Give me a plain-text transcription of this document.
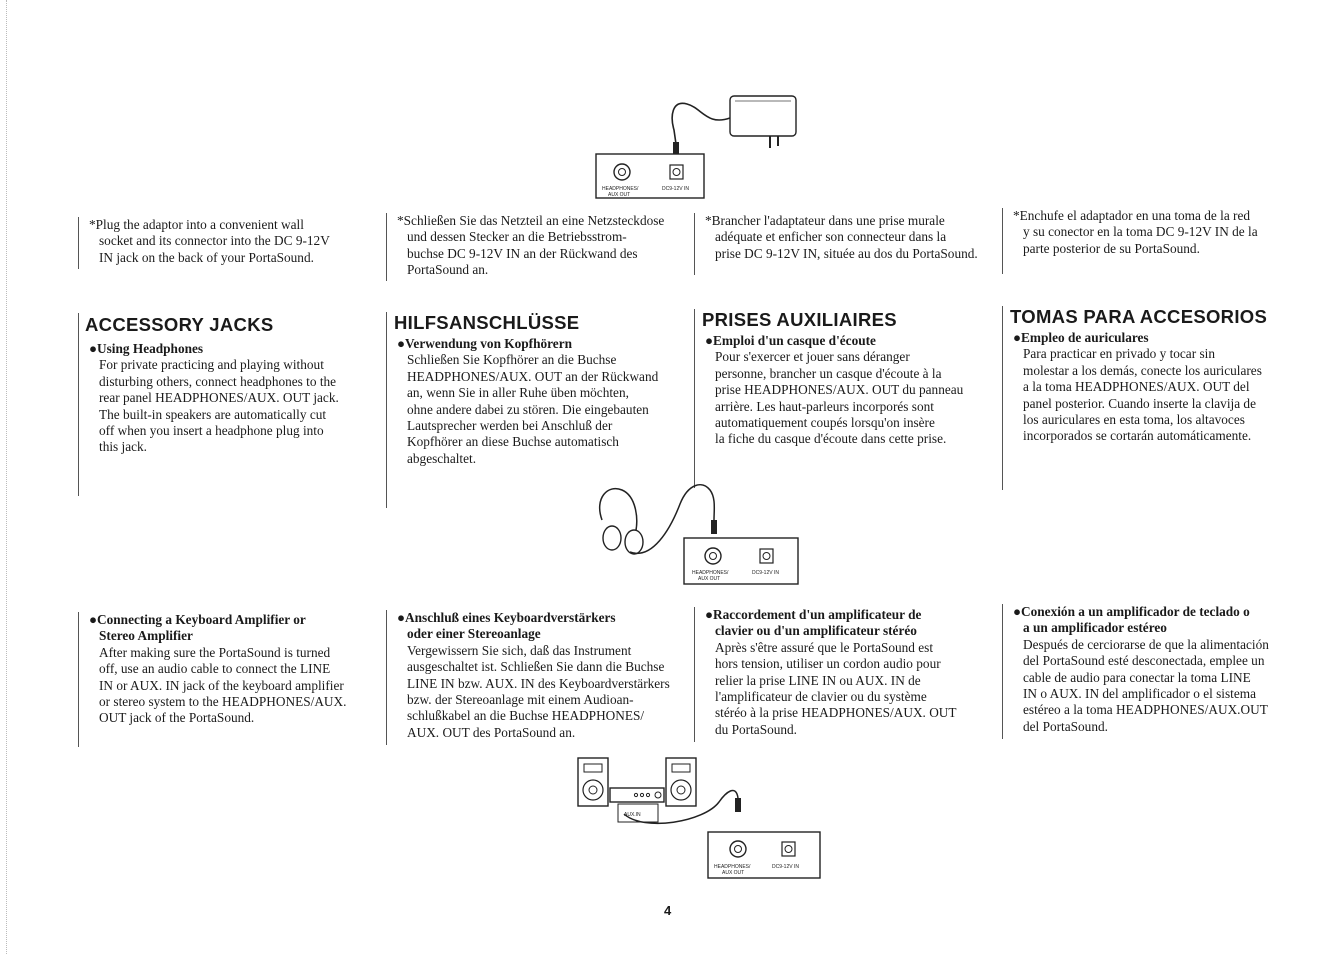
HEADPHONES/
AUX OUT
DC9-12V IN

*Plug the adaptor into a convenient wall

socket and its connector into the DC 9-12V

IN jack on the back of your PortaSound.

*Schließen Sie das Netzteil an eine Netzsteckdose

und dessen Stecker an die Betriebsstrom-

buchse DC 9-12V IN an der Rückwand des

PortaSound an.

*Brancher l'adaptateur dans une prise murale

adéquate et enficher son connecteur dans la

prise DC 9-12V IN, située au dos du PortaSound.

*Enchufe el adaptador en una toma de la red

y su conector en la toma DC 9-12V IN de la

parte posterior de su PortaSound.

ACCESSORY JACKS	HILFSANSCHLÜSSE	PRISES AUXILIAIRES	TOMAS PARA ACCESORIOS

●Using Headphones

For private practicing and playing without

disturbing others, connect headphones to the

rear panel HEADPHONES/AUX. OUT jack.

The built-in speakers are automatically cut

off when you insert a headphone plug into

this jack.

●Verwendung von Kopfhörern

Schließen Sie Kopfhörer an die Buchse

HEADPHONES/AUX. OUT an der Rückwand

an, wenn Sie in aller Ruhe üben möchten,

ohne andere dabei zu stören. Die eingebauten

Lautsprecher werden bei Anschluß der

Kopfhörer an diese Buchse automatisch

abgeschaltet.

●Emploi d'un casque d'écoute

Pour s'exercer et jouer sans déranger

personne, brancher un casque d'écoute à la

prise HEADPHONES/AUX. OUT du panneau

arrière. Les haut-parleurs incorporés sont

automatiquement coupés lorsqu'on insère

la fiche du casque d'écoute dans cette prise.

●Empleo de auriculares

Para practicar en privado y tocar sin

molestar a los demás, conecte los auriculares

a la toma HEADPHONES/AUX. OUT del

panel posterior. Cuando inserte la clavija de

los auriculares en esta toma, los altavoces

incorporados se cortarán automáticamente.

HEADPHONES/
AUX OUT
DC9-12V IN

●Connecting a Keyboard Amplifier or

Stereo Amplifier

After making sure the PortaSound is turned

off, use an audio cable to connect the LINE

IN or AUX. IN jack of the keyboard amplifier

or stereo system to the HEADPHONES/AUX.

OUT jack of the PortaSound.

●Anschluß eines Keyboardverstärkers

oder einer Stereoanlage

Vergewissern Sie sich, daß das Instrument

ausgeschaltet ist. Schließen Sie dann die Buchse

LINE IN bzw. AUX. IN des Keyboardverstärkers

bzw. der Stereoanlage mit einem Audioan-

schlußkabel an die Buchse HEADPHONES/

AUX. OUT des PortaSound an.

●Raccordement d'un amplificateur de

clavier ou d'un amplificateur stéréo

Après s'être assuré que le PortaSound est

hors tension, utiliser un cordon audio pour

relier la prise LINE IN ou AUX. IN de

l'amplificateur de clavier ou du système

stéréo à la prise HEADPHONES/AUX. OUT

du PortaSound.

●Conexión a un amplificador de teclado o

a un amplificador estéreo

Después de cerciorarse de que la alimentación

del PortaSound esté desconectada, emplee un

cable de audio para conectar la toma LINE

IN o AUX. IN del amplificador o el sistema

estéreo a la toma HEADPHONES/AUX.OUT

del PortaSound.

AUX.IN
HEADPHONES/
AUX OUT
DC9-12V IN
4
